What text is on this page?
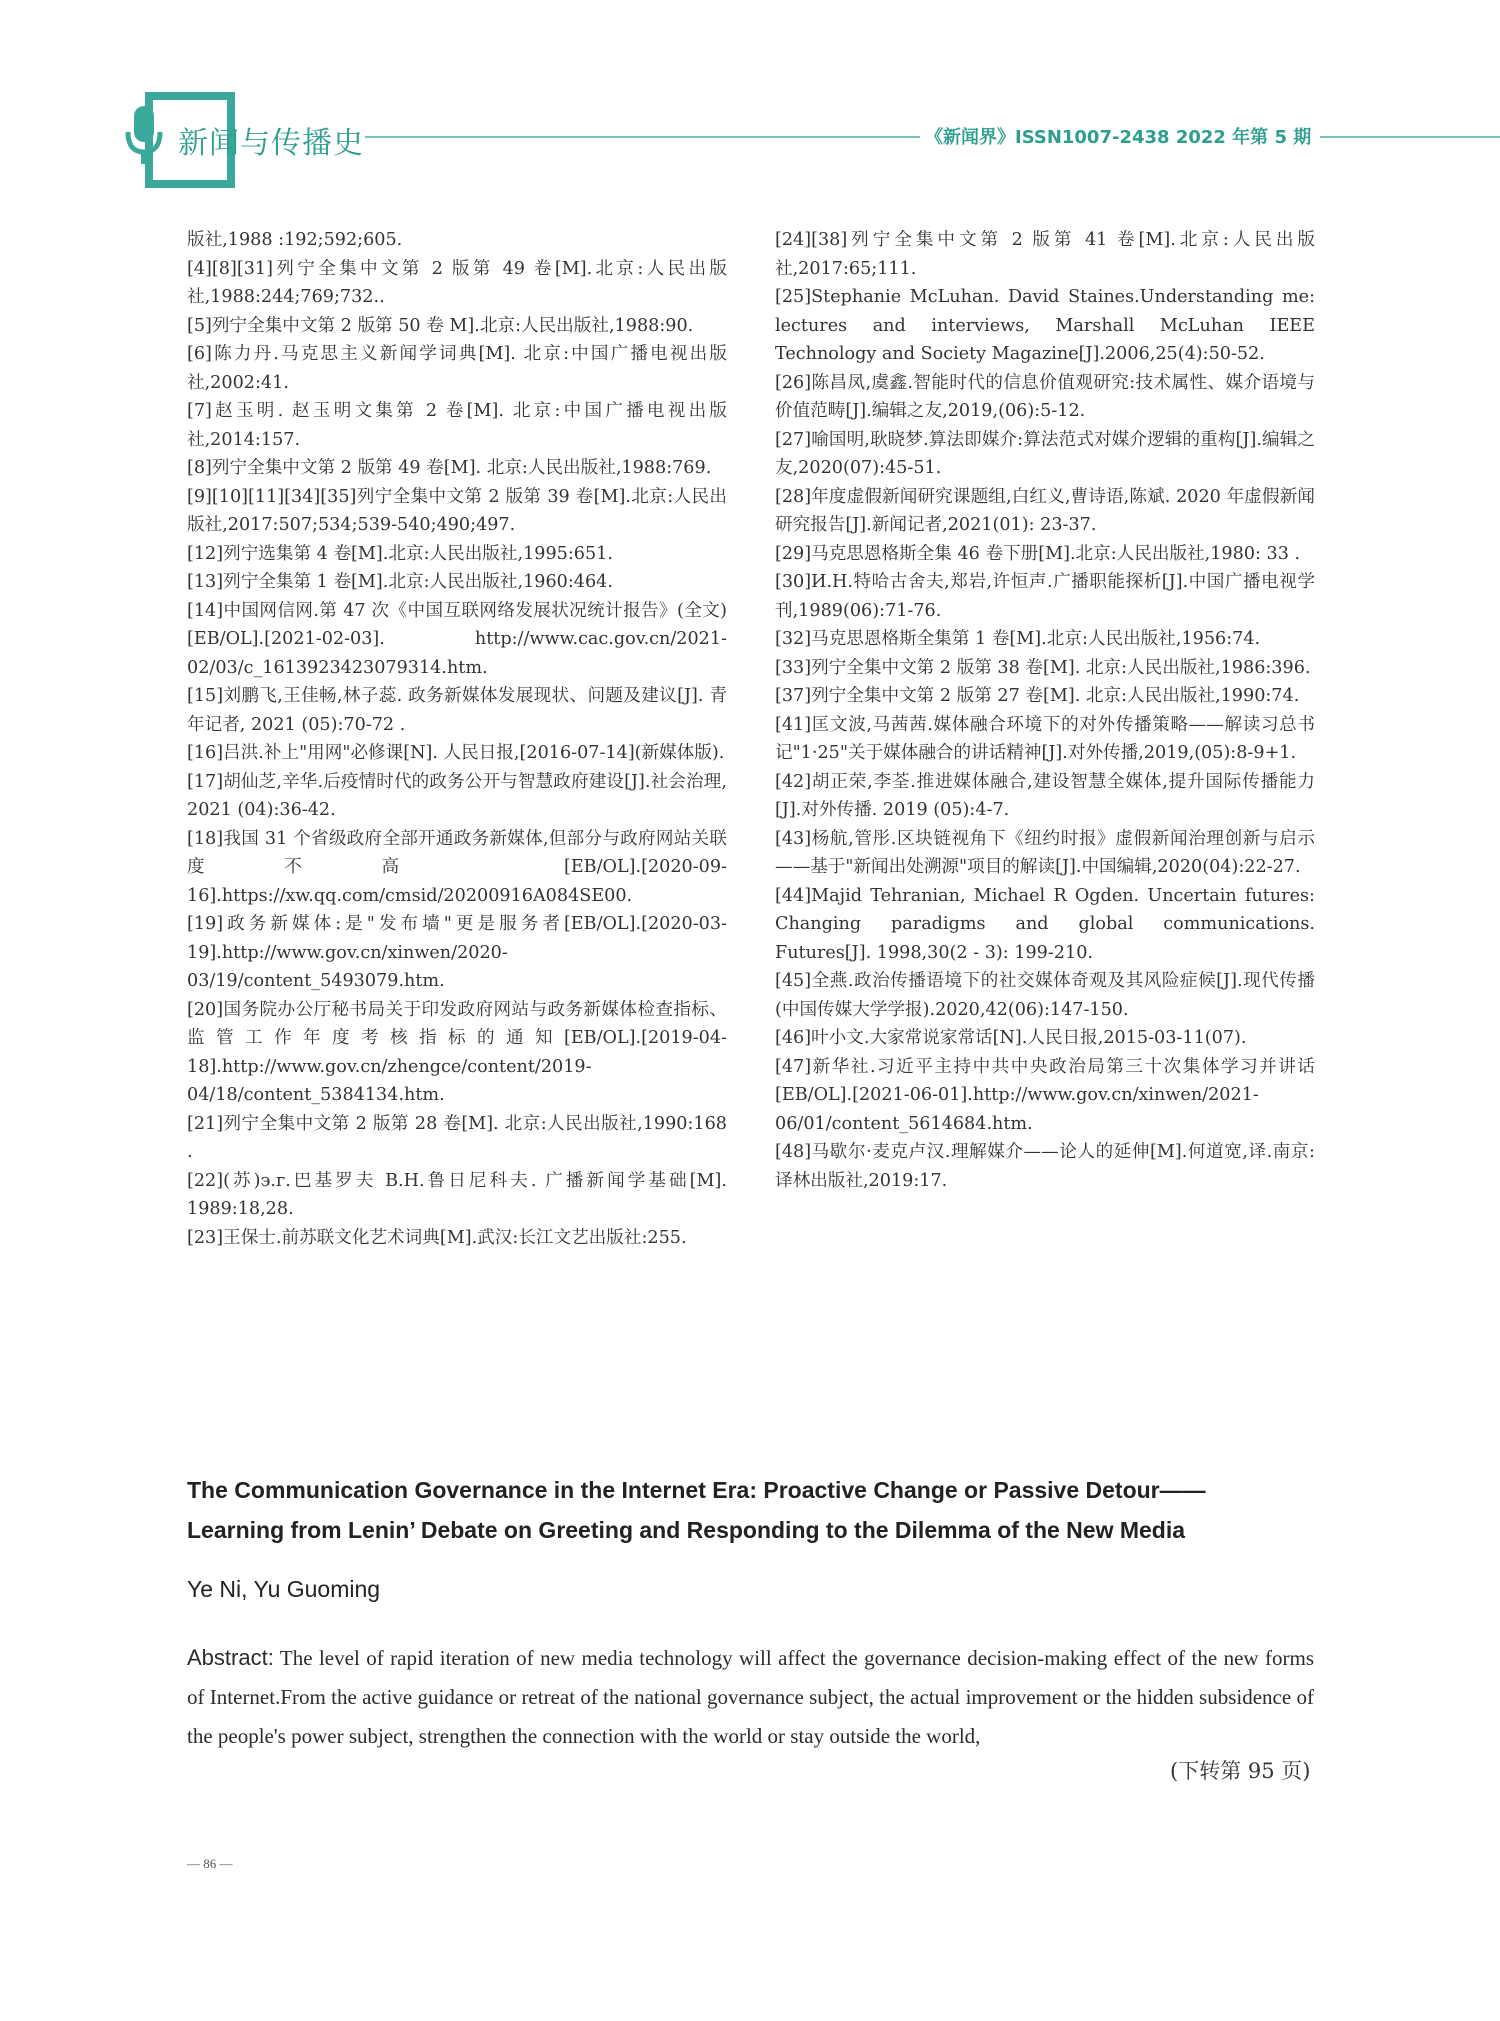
新闻与传播史	《新闻界》ISSN1007-2438 2022 年第 5 期

版社,1988 :192;592;605.

[4][8][31]列宁全集中文第 2 版第 49 卷[M].北京:人民出版社,1988:244;769;732..

[5]列宁全集中文第 2 版第 50 卷 M].北京:人民出版社,1988:90.

[6]陈力丹.马克思主义新闻学词典[M]. 北京:中国广播电视出版社,2002:41.

[7]赵玉明. 赵玉明文集第 2 卷[M]. 北京:中国广播电视出版社,2014:157.

[8]列宁全集中文第 2 版第 49 卷[M]. 北京:人民出版社,1988:769.

[9][10][11][34][35]列宁全集中文第 2 版第 39 卷[M].北京:人民出版社,2017:507;534;539-540;490;497.

[12]列宁选集第 4 卷[M].北京:人民出版社,1995:651.

[13]列宁全集第 1 卷[M].北京:人民出版社,1960:464.

[14]中国网信网.第 47 次《中国互联网络发展状况统计报告》(全文)[EB/OL].[2021-02-03]. http://www.cac.gov.cn/2021-02/03/c_1613923423079314.htm.

[15]刘鹏飞,王佳畅,林子蕊. 政务新媒体发展现状、问题及建议[J]. 青年记者, 2021 (05):70-72 .

[16]吕洪.补上"用网"必修课[N]. 人民日报,[2016-07-14](新媒体版).

[17]胡仙芝,辛华.后疫情时代的政务公开与智慧政府建设[J].社会治理, 2021 (04):36-42.

[18]我国 31 个省级政府全部开通政务新媒体,但部分与政府网站关联度不高 [EB/OL].[2020-09-16].https://xw.qq.com/cmsid/20200916A084SE00.

[19]政务新媒体:是"发布墙"更是服务者[EB/OL].[2020-03-19].http://www.gov.cn/xinwen/2020-03/19/content_5493079.htm.

[20]国务院办公厅秘书局关于印发政府网站与政务新媒体检查指标、监管工作年度考核指标的通知[EB/OL].[2019-04-18].http://www.gov.cn/zhengce/content/2019-04/18/content_5384134.htm.

[21]列宁全集中文第 2 版第 28 卷[M]. 北京:人民出版社,1990:168 .

[22](苏)э.г.巴基罗夫 B.H.鲁日尼科夫. 广播新闻学基础[M]. 1989:18,28.

[23]王保士.前苏联文化艺术词典[M].武汉:长江文艺出版社:255.

[24][38]列宁全集中文第 2 版第 41 卷[M].北京:人民出版社,2017:65;111.

[25]Stephanie McLuhan. David Staines.Understanding me: lectures and interviews, Marshall McLuhan IEEE Technology and Society Magazine[J].2006,25(4):50-52.

[26]陈昌凤,虞鑫.智能时代的信息价值观研究:技术属性、媒介语境与价值范畴[J].编辑之友,2019,(06):5-12.

[27]喻国明,耿晓梦.算法即媒介:算法范式对媒介逻辑的重构[J].编辑之友,2020(07):45-51.

[28]年度虚假新闻研究课题组,白红义,曹诗语,陈斌. 2020 年虚假新闻研究报告[J].新闻记者,2021(01): 23-37.

[29]马克思恩格斯全集 46 卷下册[M].北京:人民出版社,1980: 33 .

[30]И.Н.特哈古舍夫,郑岩,许恒声.广播职能探析[J].中国广播电视学刊,1989(06):71-76.

[32]马克思恩格斯全集第 1 卷[M].北京:人民出版社,1956:74.

[33]列宁全集中文第 2 版第 38 卷[M]. 北京:人民出版社,1986:396.

[37]列宁全集中文第 2 版第 27 卷[M]. 北京:人民出版社,1990:74.

[41]匡文波,马茜茜.媒体融合环境下的对外传播策略——解读习总书记"1·25"关于媒体融合的讲话精神[J].对外传播,2019,(05):8-9+1.

[42]胡正荣,李荃.推进媒体融合,建设智慧全媒体,提升国际传播能力[J].对外传播. 2019 (05):4-7.

[43]杨航,管彤.区块链视角下《纽约时报》虚假新闻治理创新与启示——基于"新闻出处溯源"项目的解读[J].中国编辑,2020(04):22-27.

[44]Majid Tehranian, Michael R Ogden. Uncertain futures: Changing paradigms and global communications. Futures[J]. 1998,30(2 - 3): 199-210.

[45]全燕.政治传播语境下的社交媒体奇观及其风险症候[J].现代传播(中国传媒大学学报).2020,42(06):147-150.

[46]叶小文.大家常说家常话[N].人民日报,2015-03-11(07).

[47]新华社.习近平主持中共中央政治局第三十次集体学习并讲话 [EB/OL].[2021-06-01].http://www.gov.cn/xinwen/2021-06/01/content_5614684.htm.

[48]马歇尔·麦克卢汉.理解媒介——论人的延伸[M].何道宽,译.南京:译林出版社,2019:17.

The Communication Governance in the Internet Era: Proactive Change or Passive Detour——
Learning from Lenin’ Debate on Greeting and Responding to the Dilemma of the New Media
Ye Ni, Yu Guoming
Abstract: The level of rapid iteration of new media technology will affect the governance decision-making effect of the new forms of Internet.From the active guidance or retreat of the national governance subject, the actual improvement or the hidden subsidence of the people's power subject, strengthen the connection with the world or stay outside the world,
(下转第 95 页)
— 86 —
